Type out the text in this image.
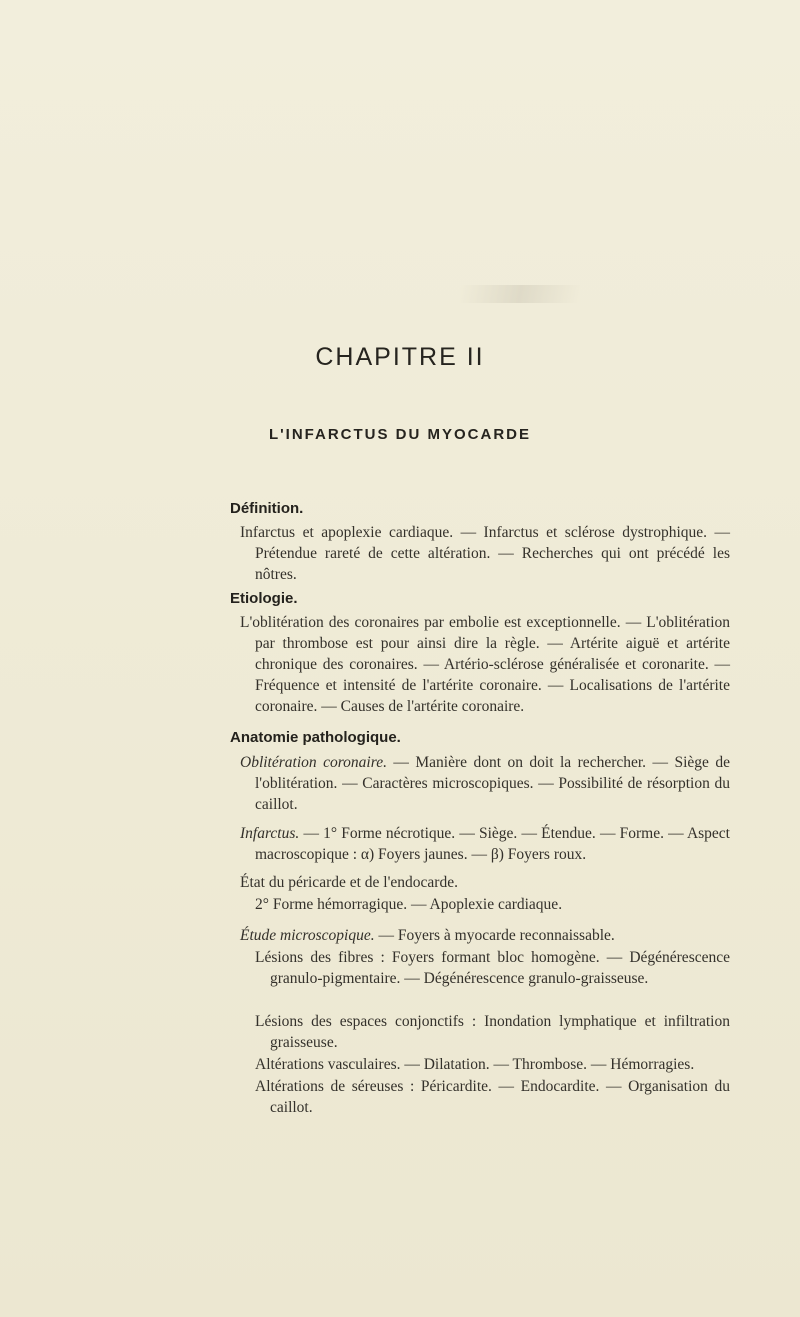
CHAPITRE II
L'INFARCTUS DU MYOCARDE
Définition.
Infarctus et apoplexie cardiaque. — Infarctus et sclérose dystrophique. — Prétendue rareté de cette altération. — Recherches qui ont précédé les nôtres.
Etiologie.
L'oblitération des coronaires par embolie est exceptionnelle. — L'oblitération par thrombose est pour ainsi dire la règle. — Artérite aiguë et artérite chronique des coronaires. — Artério-sclérose généralisée et coronarite. — Fréquence et intensité de l'artérite coronaire. — Localisations de l'artérite coronaire. — Causes de l'artérite coronaire.
Anatomie pathologique.
Oblitération coronaire. — Manière dont on doit la rechercher. — Siège de l'oblitération. — Caractères microscopiques. — Possibilité de résorption du caillot.
Infarctus. — 1° Forme nécrotique. — Siège. — Étendue. — Forme. — Aspect macroscopique : α) Foyers jaunes. — β) Foyers roux.
État du péricarde et de l'endocarde.
2° Forme hémorragique. — Apoplexie cardiaque.
Étude microscopique. — Foyers à myocarde reconnaissable.
Lésions des fibres : Foyers formant bloc homogène. — Dégénérescence granulo-pigmentaire. — Dégénérescence granulo-graisseuse.
Lésions des espaces conjonctifs : Inondation lymphatique et infiltration graisseuse.
Altérations vasculaires. — Dilatation. — Thrombose. — Hémorragies.
Altérations de séreuses : Péricardite. — Endocardite. — Organisation du caillot.
